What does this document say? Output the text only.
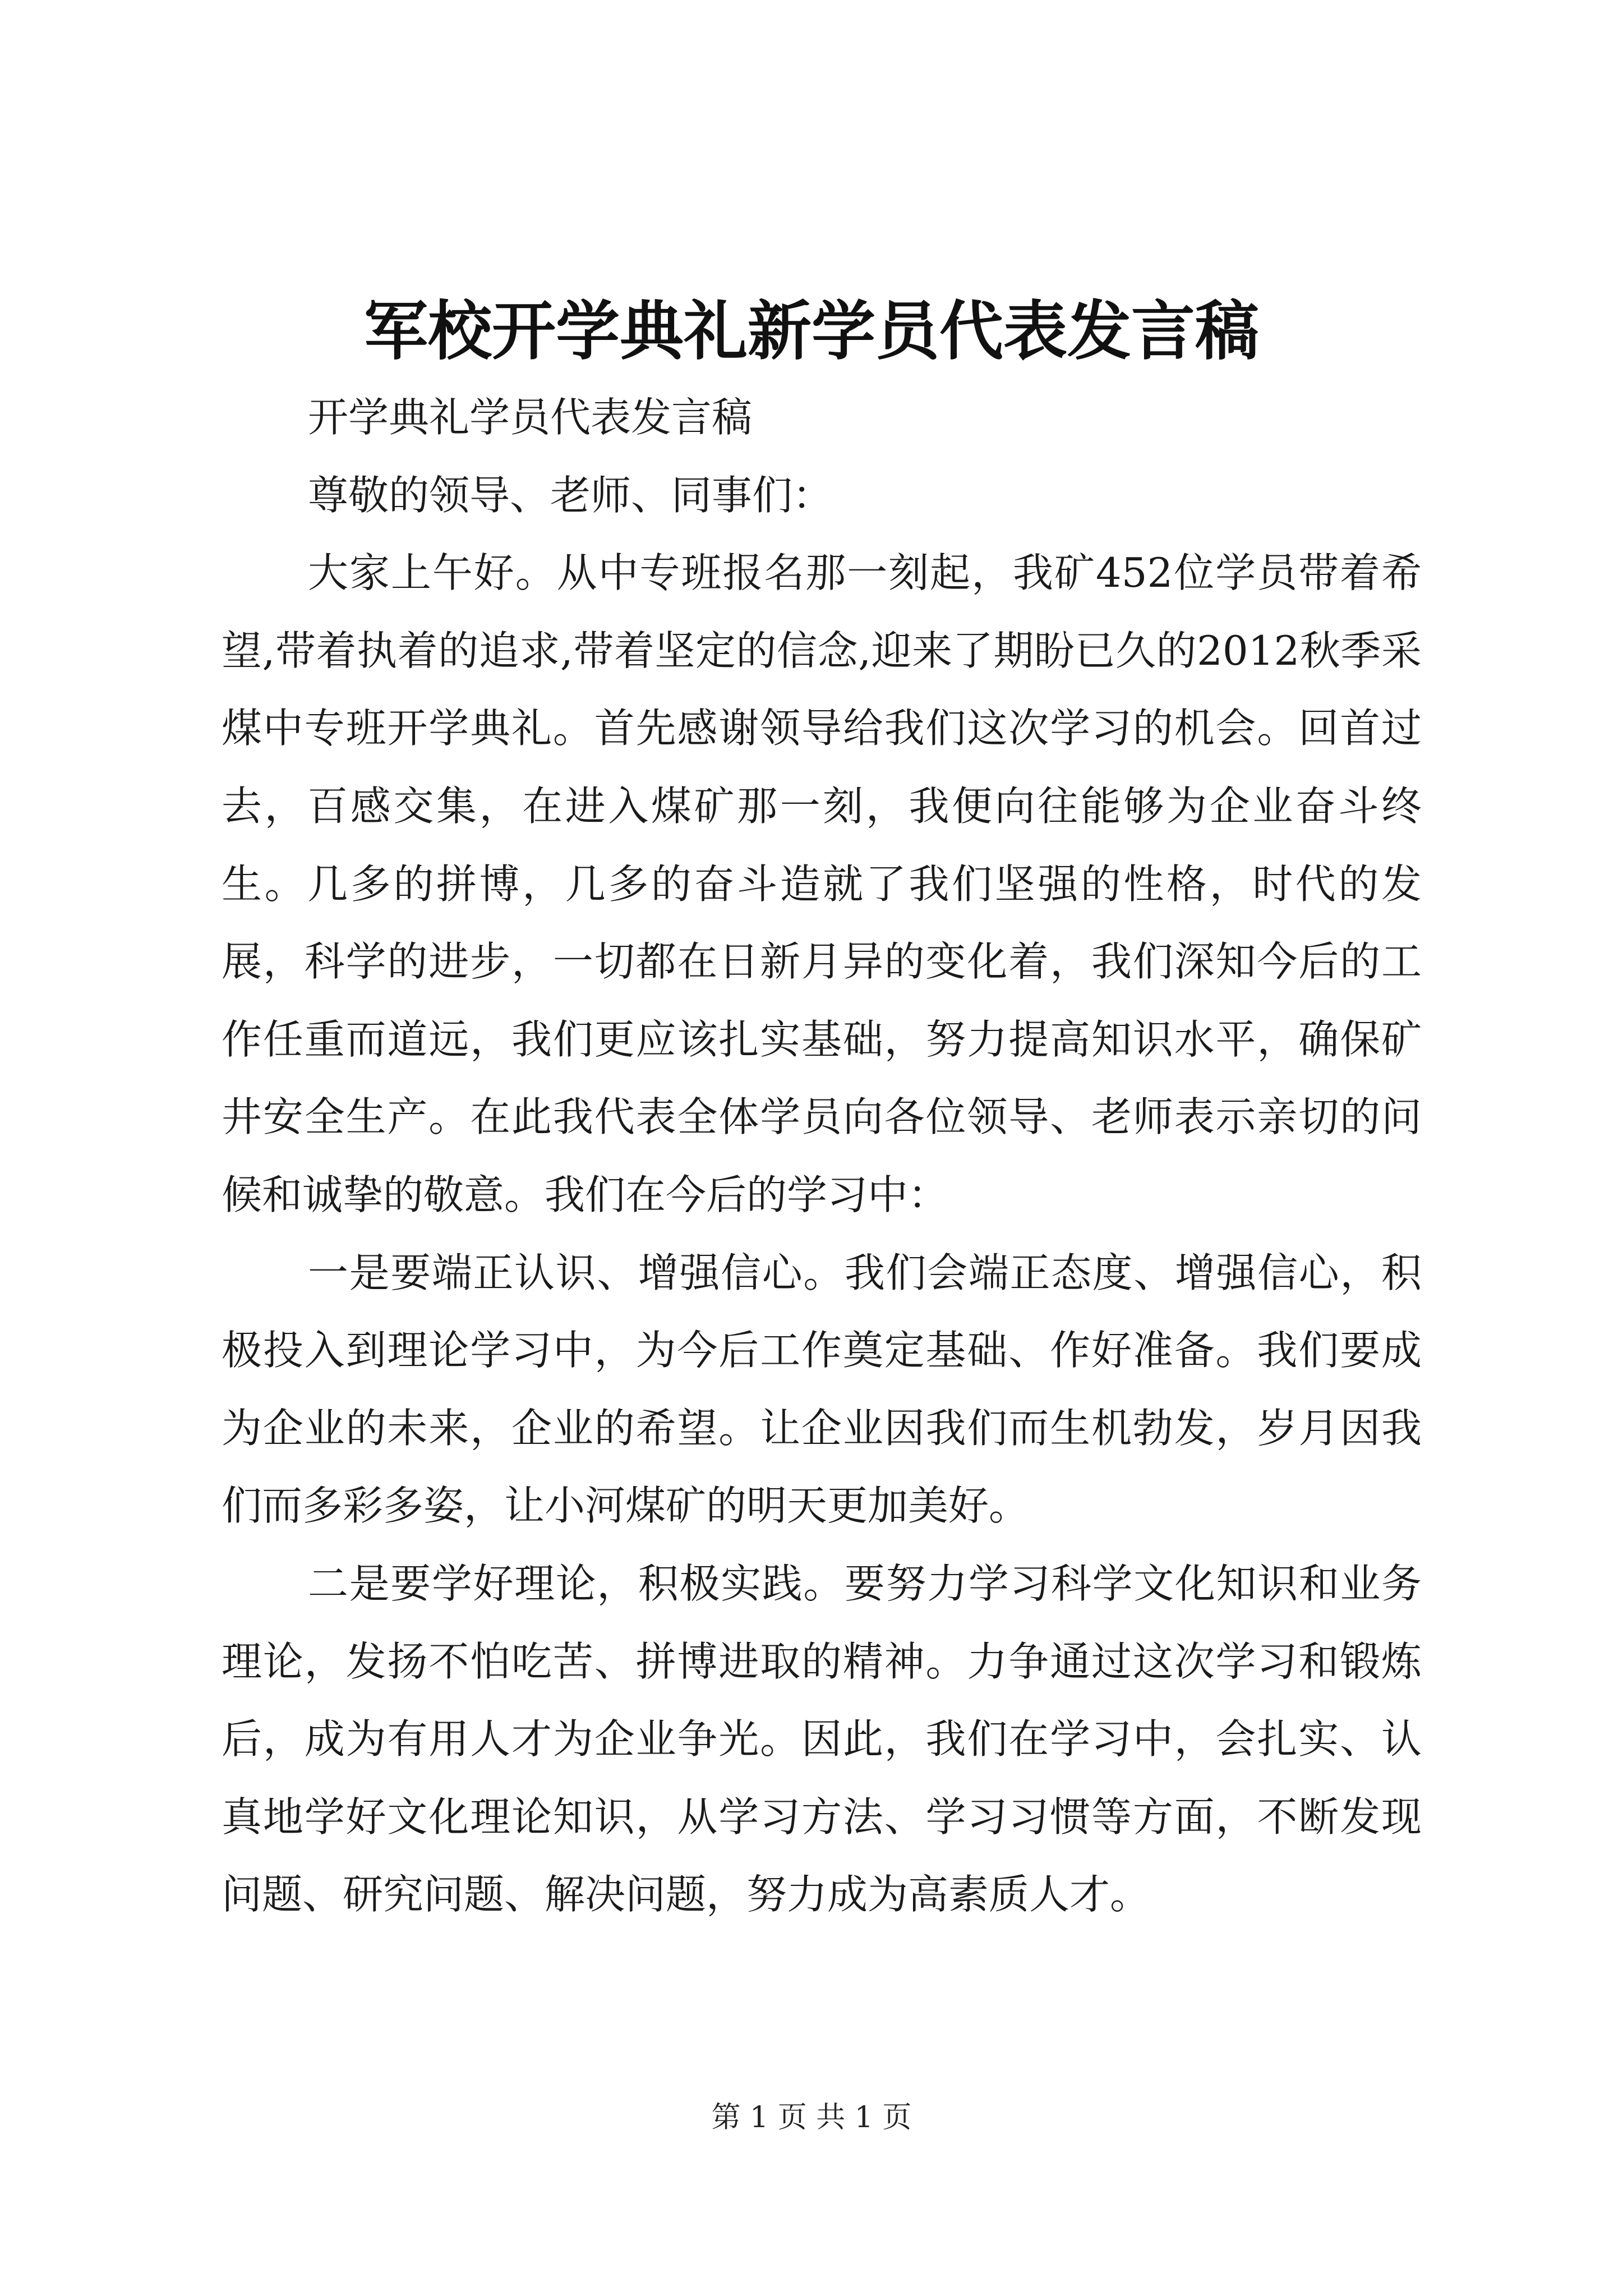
军校开学典礼新学员代表发言稿

开学典礼学员代表发言稿

尊敬的领导、老师、同事们：

大家上午好。从中专班报名那一刻起，我矿452位学员带着希望,带着执着的追求,带着坚定的信念,迎来了期盼已久的2012秋季采煤中专班开学典礼。首先感谢领导给我们这次学习的机会。回首过去，百感交集，在进入煤矿那一刻，我便向往能够为企业奋斗终生。几多的拼博，几多的奋斗造就了我们坚强的性格，时代的发展，科学的进步，一切都在日新月异的变化着，我们深知今后的工作任重而道远，我们更应该扎实基础，努力提高知识水平，确保矿井安全生产。在此我代表全体学员向各位领导、老师表示亲切的问候和诚挚的敬意。我们在今后的学习中：

一是要端正认识、增强信心。我们会端正态度、增强信心，积极投入到理论学习中，为今后工作奠定基础、作好准备。我们要成为企业的未来，企业的希望。让企业因我们而生机勃发，岁月因我们而多彩多姿，让小河煤矿的明天更加美好。

二是要学好理论，积极实践。要努力学习科学文化知识和业务理论，发扬不怕吃苦、拼博进取的精神。力争通过这次学习和锻炼后，成为有用人才为企业争光。因此，我们在学习中，会扎实、认真地学好文化理论知识，从学习方法、学习习惯等方面，不断发现问题、研究问题、解决问题，努力成为高素质人才。

第 1 页 共 1 页
